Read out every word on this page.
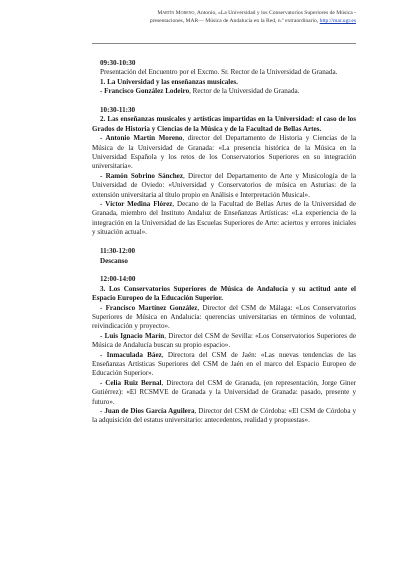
Martín Moreno, Antonio, «La Universidad y los Conservatorios Superiores de Música -
presentaciones, MAR— Música de Andalucía en la Red, n.º extraordinario, http://mar.ugr.es

09:30-10:30

Presentación del Encuentro por el Excmo. Sr. Rector de la Universidad de Granada.

1. La Universidad y las enseñanzas musicales.

- Francisco González Lodeiro, Rector de la Universidad de Granada.

10:30-11:30

2. Las enseñanzas musicales y artísticas impartidas en la Universidad: el caso de los Grados de Historia y Ciencias de la Música y de la Facultad de Bellas Artes.

- Antonio Martín Moreno, director del Departamento de Historia y Ciencias de la Música de la Universidad de Granada: «La presencia histórica de la Música en la Universidad Española y los retos de los Conservatorios Superiores en su integración universitaria».

- Ramón Sobrino Sánchez, Director del Departamento de Arte y Musicología de la Universidad de Oviedo: «Universidad y Conservatorios de música en Asturias: de la extensión universitaria al título propio en Análisis e Interpretación Musical».

- Víctor Medina Flórez, Decano de la Facultad de Bellas Artes de la Universidad de Granada, miembro del Instituto Andaluz de Enseñanzas Artísticas: «La experiencia de la integración en la Universidad de las Escuelas Superiores de Arte: aciertos y errores iniciales y situación actual».

11:30-12:00

Descanso

12:00-14:00

3. Los Conservatorios Superiores de Música de Andalucía y su actitud ante el Espacio Europeo de la Educación Superior.

- Francisco Martínez González, Director del CSM de Málaga: «Los Conservatorios Superiores de Música en Andalucía: querencias universitarias en términos de voluntad, reivindicación y proyecto».

- Luis Ignacio Marín, Director del CSM de Sevilla: «Los Conservatorios Superiores de Música de Andalucía buscan su propio espacio».

- Inmaculada Báez, Directora del CSM de Jaén: «Las nuevas tendencias de las Enseñanzas Artísticas Superiores del CSM de Jaén en el marco del Espacio Europeo de Educación Superior».

- Celia Ruiz Bernal, Directora del CSM de Granada, (en representación, Jorge Giner Gutiérrez): «El RCSMVE de Granada y la Universidad de Granada: pasado, presente y futuro».

- Juan de Dios García Aguilera, Director del CSM de Córdoba: «El CSM de Córdoba y la adquisición del estatus universitario: antecedentes, realidad y propuestas».
